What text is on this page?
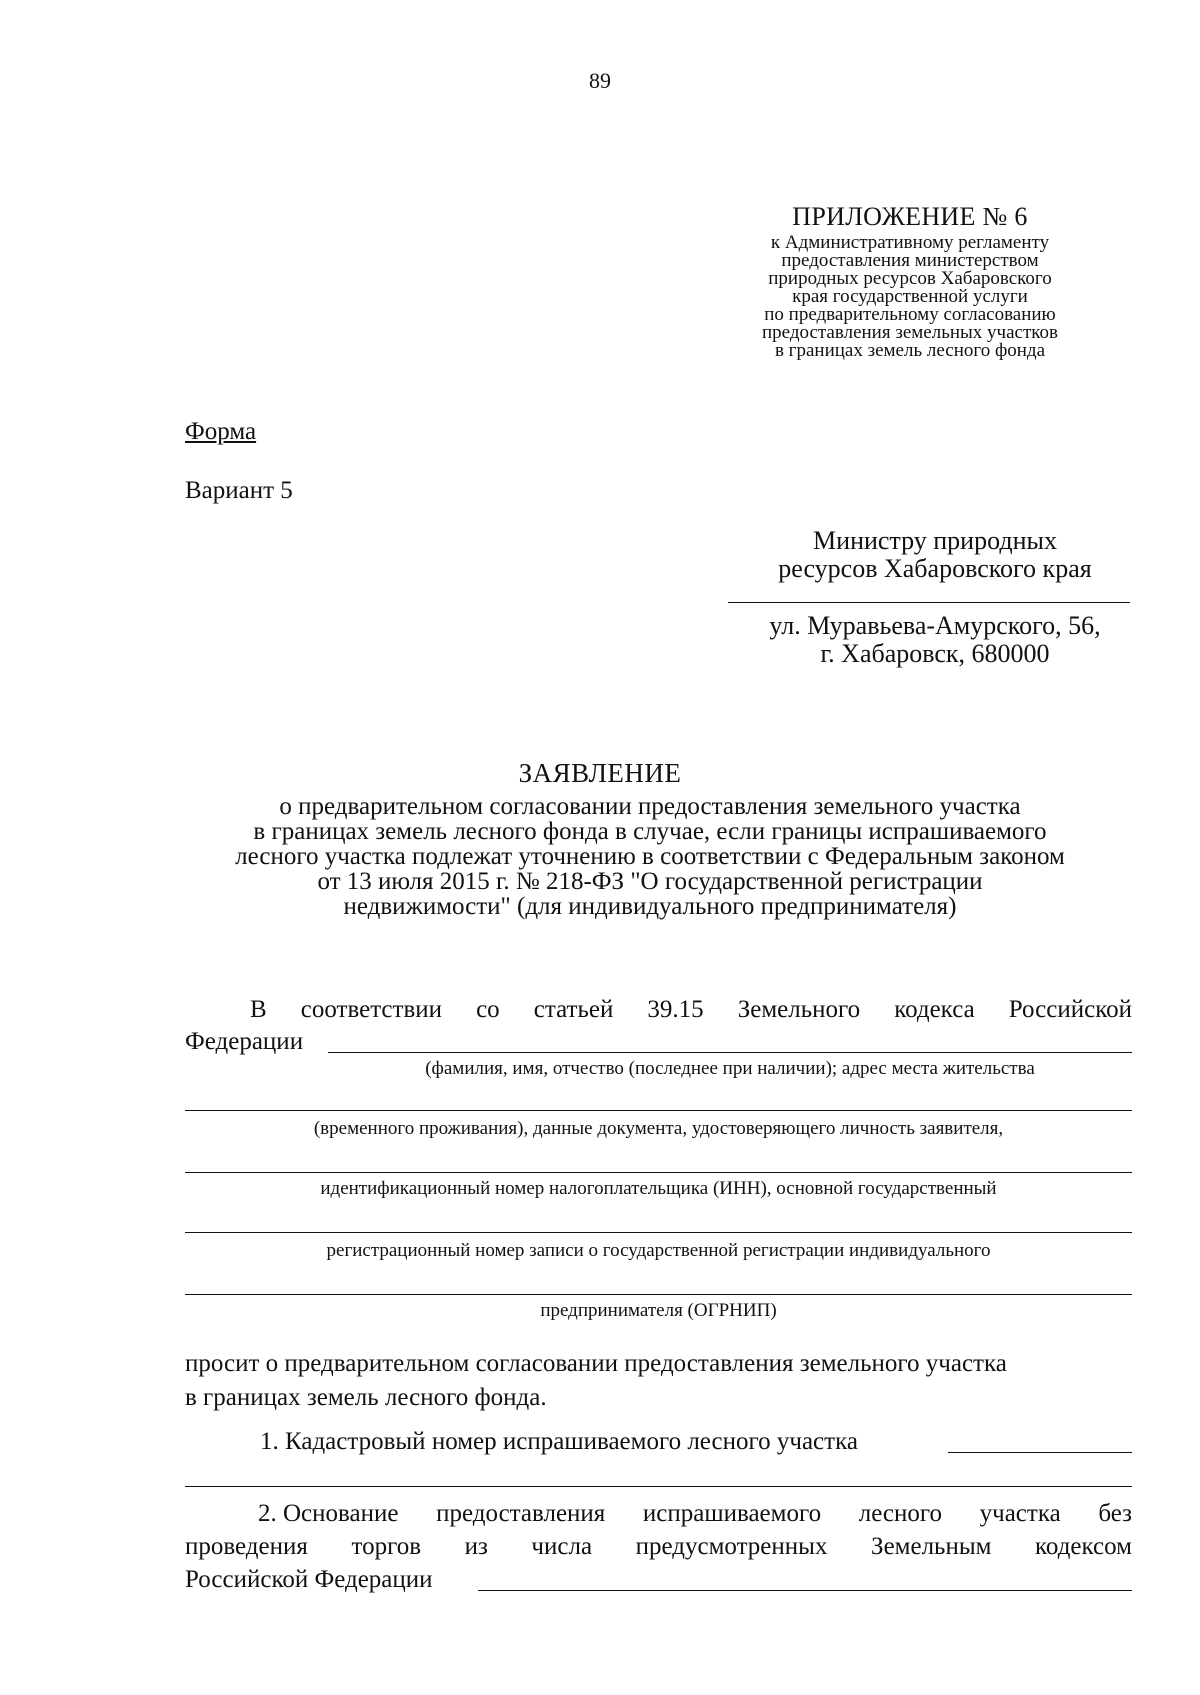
89
ПРИЛОЖЕНИЕ № 6
к Административному регламенту
предоставления министерством
природных ресурсов Хабаровского
края государственной услуги
по предварительному согласованию
предоставления земельных участков
в границах земель лесного фонда
Форма
Вариант 5
Министру природных
ресурсов Хабаровского края
ул. Муравьева-Амурского, 56,
г. Хабаровск, 680000
ЗАЯВЛЕНИЕ
о предварительном согласовании предоставления земельного участка
в границах земель лесного фонда в случае, если границы испрашиваемого
лесного участка подлежат уточнению в соответствии с Федеральным законом
от 13 июля 2015 г. № 218-ФЗ "О государственной регистрации
недвижимости" (для индивидуального предпринимателя)
В соответствии со статьей 39.15 Земельного кодекса Российской
Федерации
(фамилия, имя, отчество (последнее при наличии); адрес места жительства
(временного проживания), данные документа, удостоверяющего личность заявителя,
идентификационный номер налогоплательщика (ИНН), основной государственный
регистрационный номер записи о государственной регистрации индивидуального
предпринимателя (ОГРНИП)
просит о предварительном согласовании предоставления земельного участка
в границах земель лесного фонда.
1. Кадастровый номер испрашиваемого лесного участка
2. Основание предоставления испрашиваемого лесного участка без
проведения торгов из числа предусмотренных Земельным кодексом
Российской Федерации
